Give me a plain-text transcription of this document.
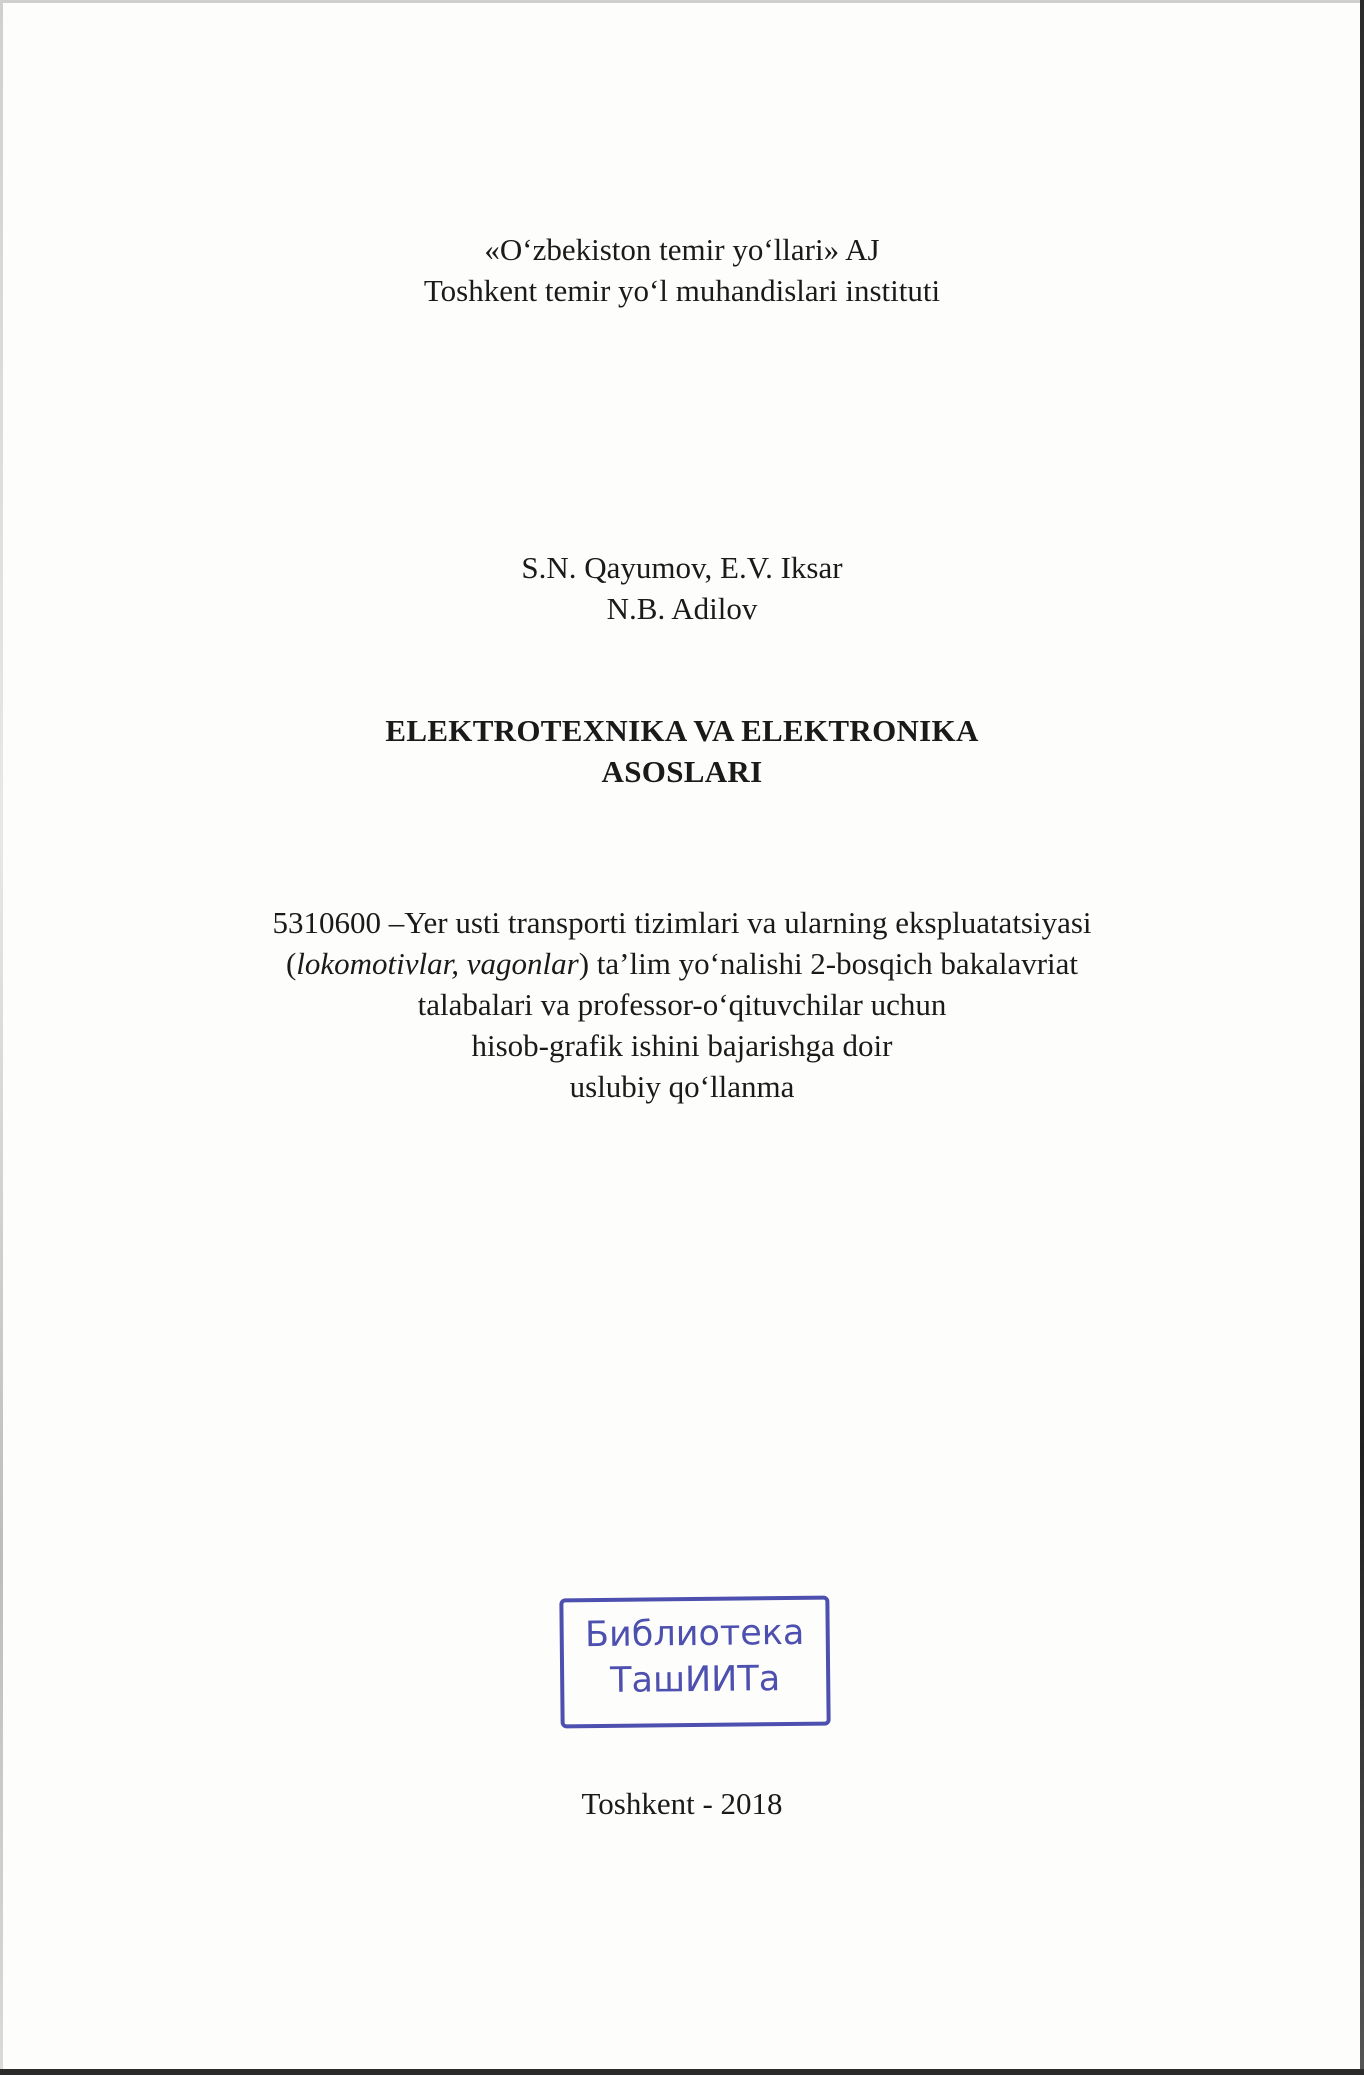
«O‘zbekiston temir yo‘llari» AJ

Toshkent temir yo‘l muhandislari instituti

S.N. Qayumov, E.V. Iksar

N.B. Adilov

ELEKTROTEXNIKA VA ELEKTRONIKA

ASOSLARI

5310600 –Yer usti transporti tizimlari va ularning ekspluatatsiyasi

(lokomotivlar, vagonlar) ta’lim yo‘nalishi 2-bosqich bakalavriat

talabalari va professor-o‘qituvchilar uchun

hisob-grafik ishini bajarishga doir

uslubiy qo‘llanma

Библиотека
ТашИИТа
Toshkent - 2018
